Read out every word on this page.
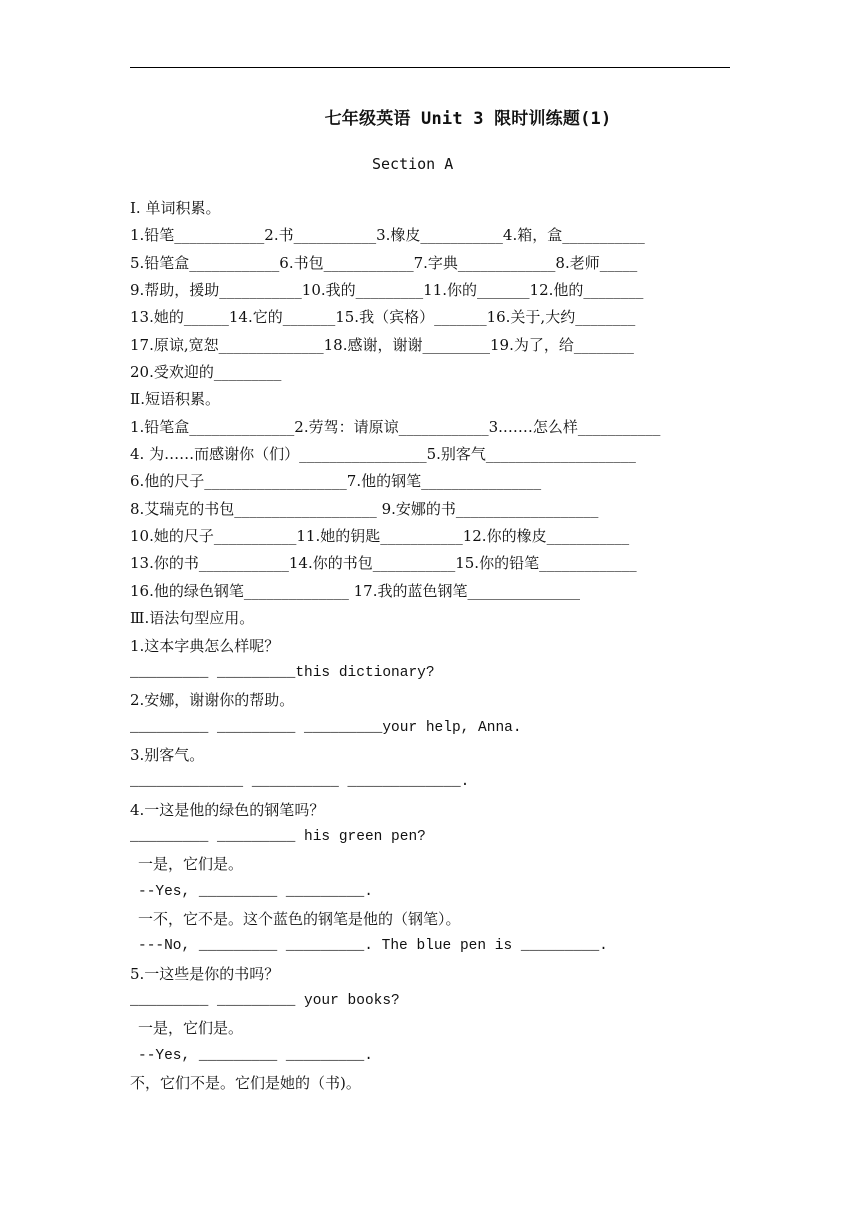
七年级英语 Unit 3 限时训练题(1)
Section A
I. 单词积累。
1.铅笔____________2.书___________3.橡皮___________4.箱，盒___________
5.铅笔盒____________6.书包____________7.字典_____________8.老师_____
9.帮助，援助___________10.我的_________11.你的_______12.他的________
13.她的______14.它的_______15.我（宾格）_______16.关于,大约________
17.原谅,宽恕______________18.感谢，谢谢_________19.为了，给________
20.受欢迎的_________
Ⅱ.短语积累。
1.铅笔盒______________2.劳驾：请原谅____________3.……怎么样___________
4. 为……而感谢你（们）_________________5.别客气____________________
6.他的尺子___________________7.他的钢笔________________
8.艾瑞克的书包___________________ 9.安娜的书___________________
10.她的尺子___________11.她的钥匙___________12.你的橡皮___________
13.你的书____________14.你的书包___________15.你的铅笔_____________
16.他的绿色钢笔______________ 17.我的蓝色钢笔_______________
Ⅲ.语法句型应用。
1.这本字典怎么样呢？
_________ _________this dictionary?
2.安娜，谢谢你的帮助。
_________ _________ _________your help, Anna.
3.别客气。
_____________ __________ _____________.
4.一这是他的绿色的钢笔吗？
_________ _________ his green pen?
一是，它们是。
--Yes, _________ _________.
一不，它不是。这个蓝色的钢笔是他的（钢笔）。
---No, _________ _________. The blue pen is _________.
5.一这些是你的书吗？
_________ _________ your books?
一是，它们是。
--Yes, _________ _________.
不，它们不是。它们是她的（书)。
